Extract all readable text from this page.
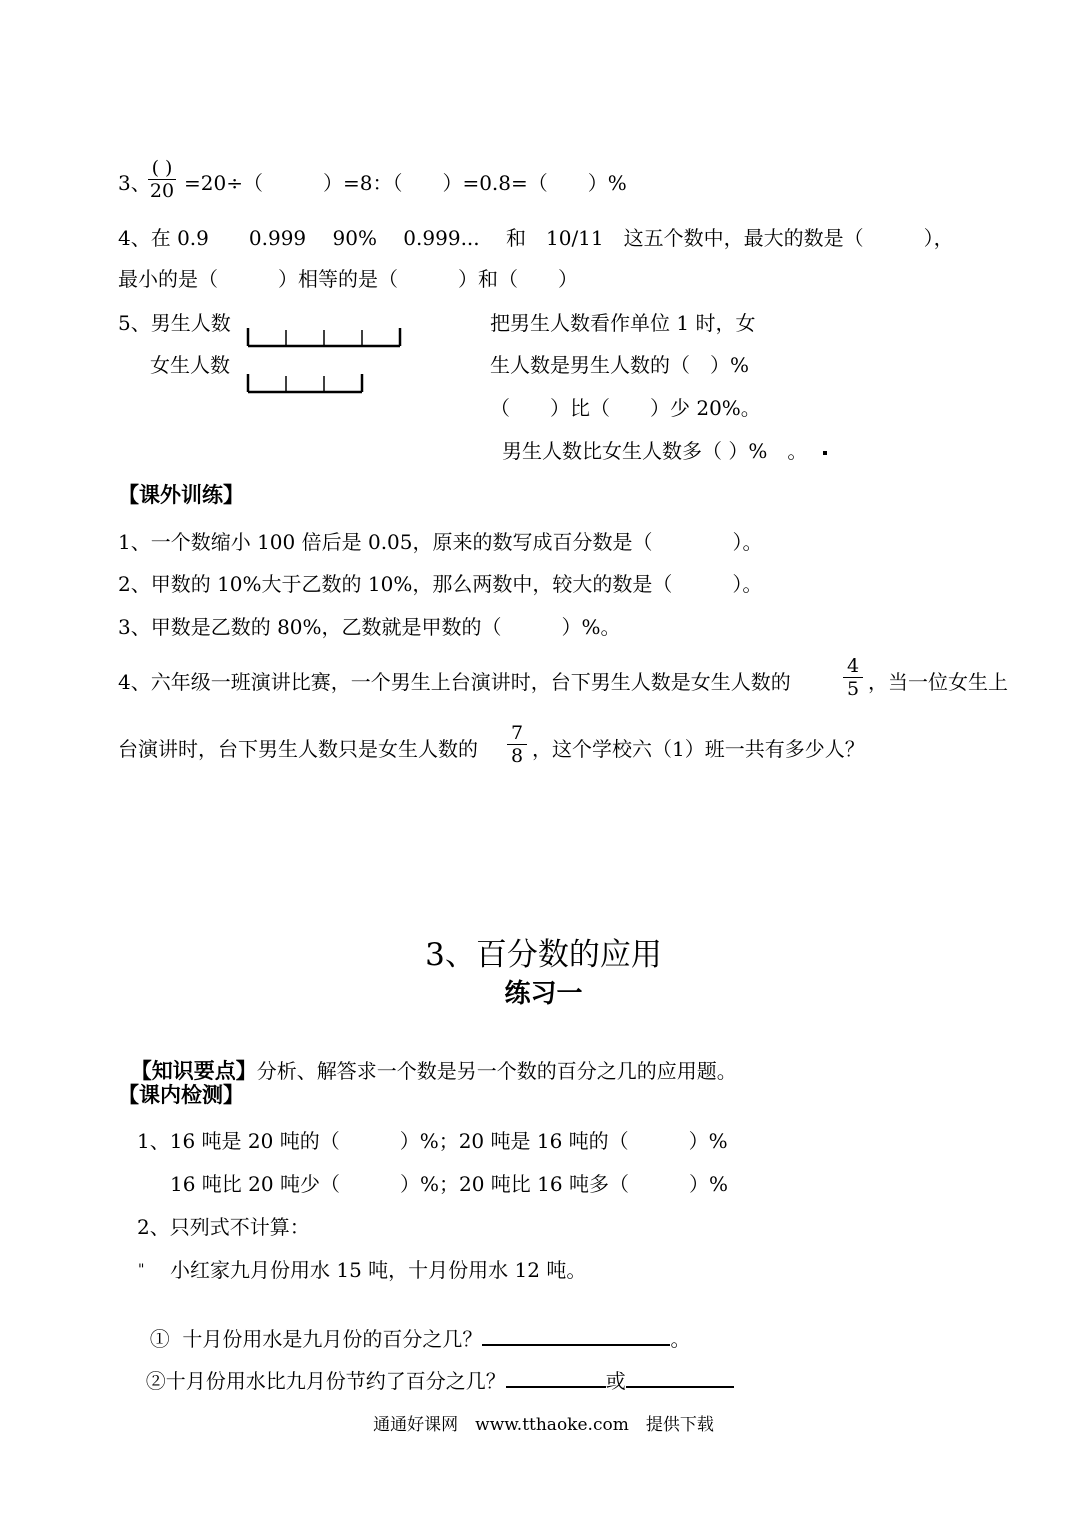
3、
( )
20 =20÷（　　　）=8：（　　）=0.8=（　　）%
4、在 0.9　　0.999　 90%　 0.999...　 和　10/11　这五个数中，最大的数是（　　　），
最小的是（　　　）相等的是（　　　）和（　　）
5、男生人数
女生人数
把男生人数看作单位 1 时，女
生人数是男生人数的（　）%
（　　）比（　　）少 20%。
男生人数比女生人数多（ ）%　。
【课外训练】
1、一个数缩小 100 倍后是 0.05，原来的数写成百分数是（　　　　）。
2、甲数的 10%大于乙数的 10%，那么两数中，较大的数是（　　　）。
3、甲数是乙数的 80%，乙数就是甲数的（　　　）%。
4、六年级一班演讲比赛，一个男生上台演讲时，台下男生人数是女生人数的
4
5 ，当一位女生上
台演讲时，台下男生人数只是女生人数的
7
8 ，这个学校六（1）班一共有多少人？
3、百分数的应用
练习一

【知识要点】分析、解答求一个数是另一个数的百分之几的应用题。

【课内检测】
1、16 吨是 20 吨的（　　　）%；20 吨是 16 吨的（　　　）%
16 吨比 20 吨少（　　　）%；20 吨比 16 吨多（　　　）%
2、只列式不计算：
" 小红家九月份用水 15 吨，十月份用水 12 吨。

①  十月份用水是九月份的百分之几？	。

②十月份用水比九月份节约了百分之几？	或

通通好课网　www.tthaoke.com　提供下载
